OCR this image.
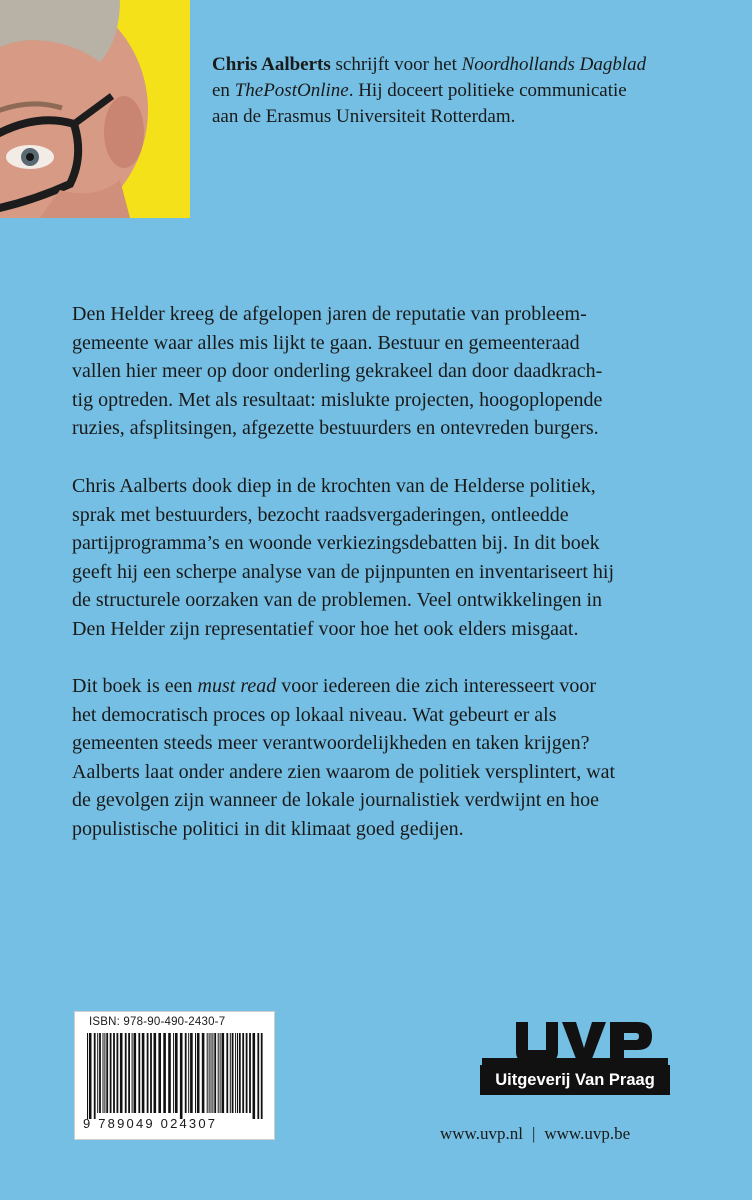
Chris Aalberts schrijft voor het Noordhollands Dagblad
en ThePostOnline. Hij doceert politieke communicatie
aan de Erasmus Universiteit Rotterdam.

Den Helder kreeg de afgelopen jaren de reputatie van probleem-
gemeente waar alles mis lijkt te gaan. Bestuur en gemeenteraad
vallen hier meer op door onderling gekrakeel dan door daadkrach-
tig optreden. Met als resultaat: mislukte projecten, hoogoplopende
ruzies, afsplitsingen, afgezette bestuurders en ontevreden burgers.

Chris Aalberts dook diep in de krochten van de Helderse politiek,
sprak met bestuurders, bezocht raadsvergaderingen, ontleedde
partijprogramma’s en woonde verkiezingsdebatten bij. In dit boek
geeft hij een scherpe analyse van de pijnpunten en inventariseert hij
de structurele oorzaken van de problemen. Veel ontwikkelingen in
Den Helder zijn representatief voor hoe het ook elders misgaat.

Dit boek is een must read voor iedereen die zich interesseert voor
het democratisch proces op lokaal niveau. Wat gebeurt er als
gemeenten steeds meer verantwoordelijkheden en taken krijgen?
Aalberts laat onder andere zien waarom de politiek versplintert, wat
de gevolgen zijn wanneer de lokale journalistiek verdwijnt en hoe
populistische politici in dit klimaat goed gedijen.

ISBN: 978-90-490-2430-7
9 789049 024307
Uitgeverij Van Praag
www.uvp.nl | www.uvp.be
